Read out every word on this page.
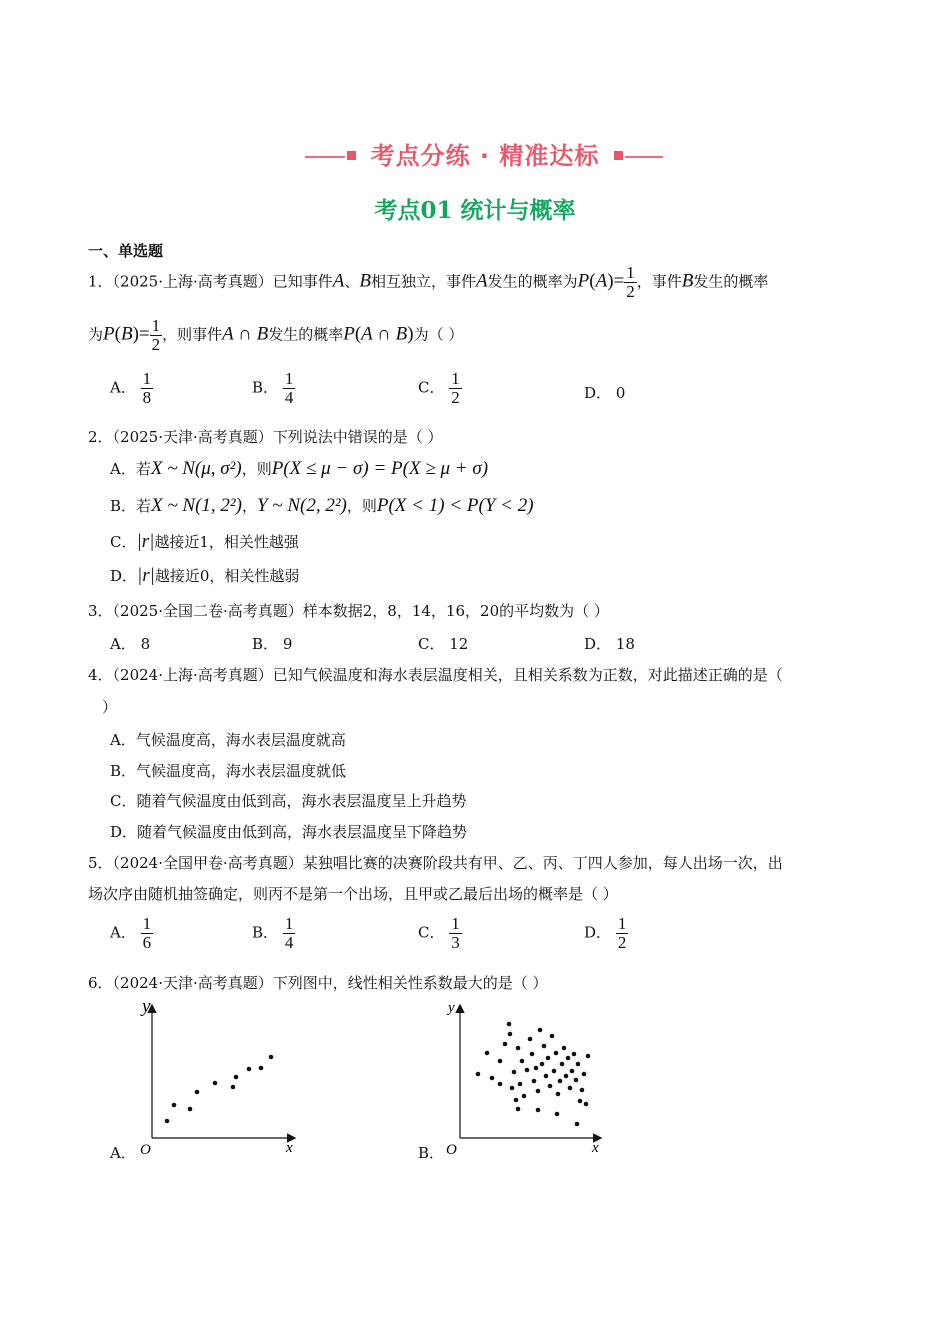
考点分练 · 精准达标
考点01 统计与概率
一、单选题
1．（2025·上海·高考真题）已知事件A、B相互独立，事件A发生的概率为$P(A)= \frac{1}{2}$ ，事件B发生的概率
为$P(B)= \frac{1}{2}$ ，则事件A ∩ B发生的概率P(A ∩ B)为（ ）
A． $\frac{1}{8}$	B． $\frac{1}{4}$	C． $\frac{1}{2}$	D． 0
2．（2025·天津·高考真题）下列说法中错误的是（ ）
A．若X ~ N(μ, σ²)，则P(X ≤ μ − σ) = P(X ≥ μ + σ)
B．若X ~ N(1, 2²)，Y ~ N(2, 2²)，则P(X < 1) < P(Y < 2)
C．|r|越接近1，相关性越强
D．|r|越接近0，相关性越弱
3．（2025·全国二卷·高考真题）样本数据2，8，14，16，20的平均数为（ ）
A． 8	B． 9	C． 12	D． 18
4．（2024·上海·高考真题）已知气候温度和海水表层温度相关，且相关系数为正数，对此描述正确的是（
）
A．气候温度高，海水表层温度就高
B．气候温度高，海水表层温度就低
C．随着气候温度由低到高，海水表层温度呈上升趋势
D．随着气候温度由低到高，海水表层温度呈下降趋势
5．（2024·全国甲卷·高考真题）某独唱比赛的决赛阶段共有甲、乙、丙、丁四人参加，每人出场一次，出
场次序由随机抽签确定，则丙不是第一个出场，且甲或乙最后出场的概率是（ ）
A． $\frac{1}{6}$	B． $\frac{1}{4}$	C． $\frac{1}{3}$	D． $\frac{1}{2}$
6．（2024·天津·高考真题）下列图中，线性相关性系数最大的是（ ）
A．
y
x
O	B．
y
x
O
